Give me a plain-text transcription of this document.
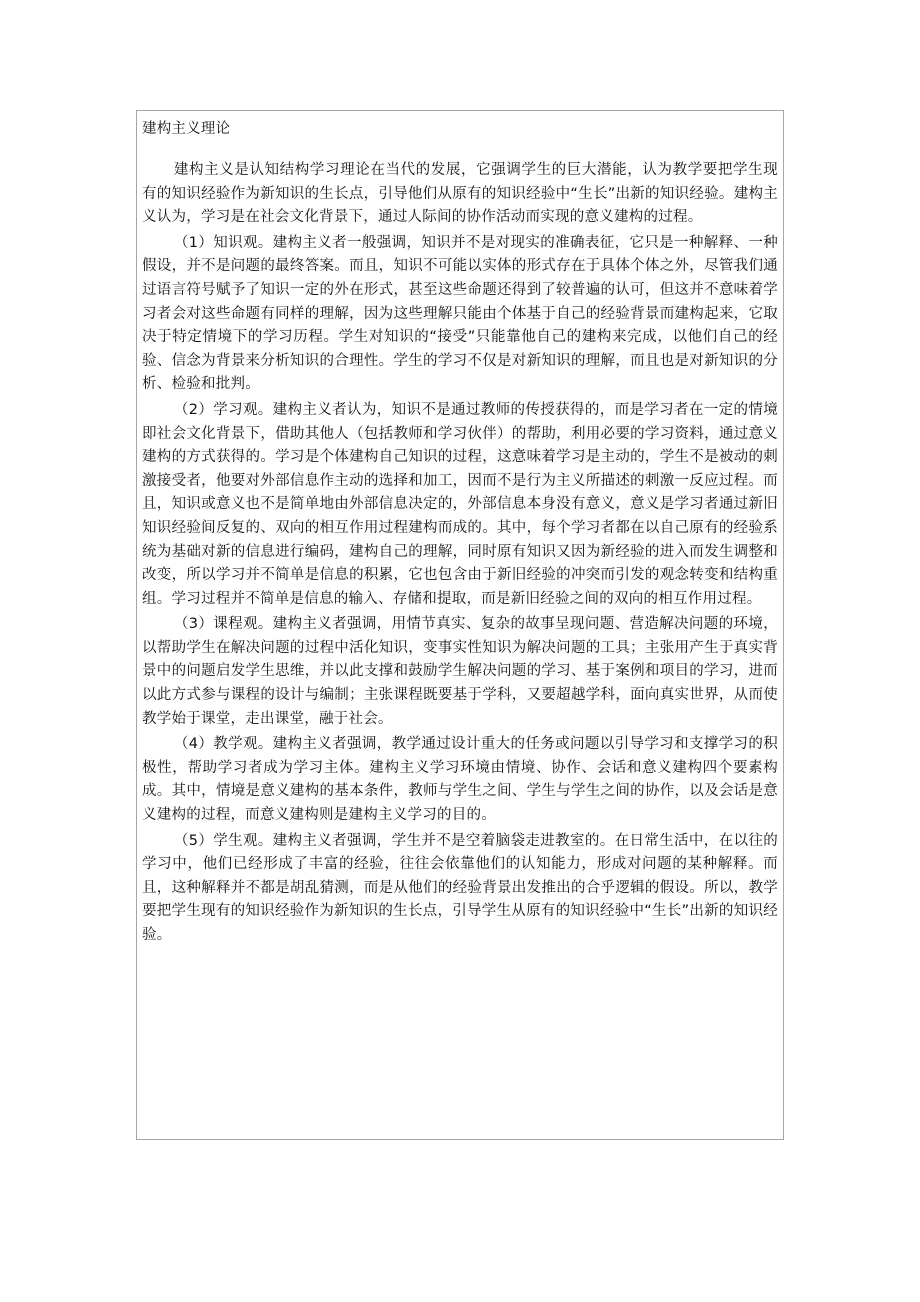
建构主义理论

建构主义是认知结构学习理论在当代的发展，它强调学生的巨大潜能，认为教学要把学生现有的知识经验作为新知识的生长点，引导他们从原有的知识经验中“生长”出新的知识经验。建构主义认为，学习是在社会文化背景下，通过人际间的协作活动而实现的意义建构的过程。

（1）知识观。建构主义者一般强调，知识并不是对现实的准确表征，它只是一种解释、一种假设，并不是问题的最终答案。而且，知识不可能以实体的形式存在于具体个体之外，尽管我们通过语言符号赋予了知识一定的外在形式，甚至这些命题还得到了较普遍的认可，但这并不意味着学习者会对这些命题有同样的理解，因为这些理解只能由个体基于自己的经验背景而建构起来，它取决于特定情境下的学习历程。学生对知识的“接受”只能靠他自己的建构来完成，以他们自己的经验、信念为背景来分析知识的合理性。学生的学习不仅是对新知识的理解，而且也是对新知识的分析、检验和批判。

（2）学习观。建构主义者认为，知识不是通过教师的传授获得的，而是学习者在一定的情境即社会文化背景下，借助其他人（包括教师和学习伙伴）的帮助，利用必要的学习资料，通过意义建构的方式获得的。学习是个体建构自己知识的过程，这意味着学习是主动的，学生不是被动的刺激接受者，他要对外部信息作主动的选择和加工，因而不是行为主义所描述的刺激一反应过程。而且，知识或意义也不是简单地由外部信息决定的，外部信息本身没有意义，意义是学习者通过新旧知识经验间反复的、双向的相互作用过程建构而成的。其中，每个学习者都在以自己原有的经验系统为基础对新的信息进行编码，建构自己的理解，同时原有知识又因为新经验的进入而发生调整和改变，所以学习并不简单是信息的积累，它也包含由于新旧经验的冲突而引发的观念转变和结构重组。学习过程并不简单是信息的输入、存储和提取，而是新旧经验之间的双向的相互作用过程。

（3）课程观。建构主义者强调，用情节真实、复杂的故事呈现问题、营造解决问题的环境，以帮助学生在解决问题的过程中活化知识，变事实性知识为解决问题的工具；主张用产生于真实背景中的问题启发学生思维，并以此支撑和鼓励学生解决问题的学习、基于案例和项目的学习，进而以此方式参与课程的设计与编制；主张课程既要基于学科，又要超越学科，面向真实世界，从而使教学始于课堂，走出课堂，融于社会。

（4）教学观。建构主义者强调，教学通过设计重大的任务或问题以引导学习和支撑学习的积极性，帮助学习者成为学习主体。建构主义学习环境由情境、协作、会话和意义建构四个要素构成。其中，情境是意义建构的基本条件，教师与学生之间、学生与学生之间的协作，以及会话是意义建构的过程，而意义建构则是建构主义学习的目的。

（5）学生观。建构主义者强调，学生并不是空着脑袋走进教室的。在日常生活中，在以往的学习中，他们已经形成了丰富的经验，往往会依靠他们的认知能力，形成对问题的某种解释。而且，这种解释并不都是胡乱猜测，而是从他们的经验背景出发推出的合乎逻辑的假设。所以，教学要把学生现有的知识经验作为新知识的生长点，引导学生从原有的知识经验中“生长”出新的知识经验。
